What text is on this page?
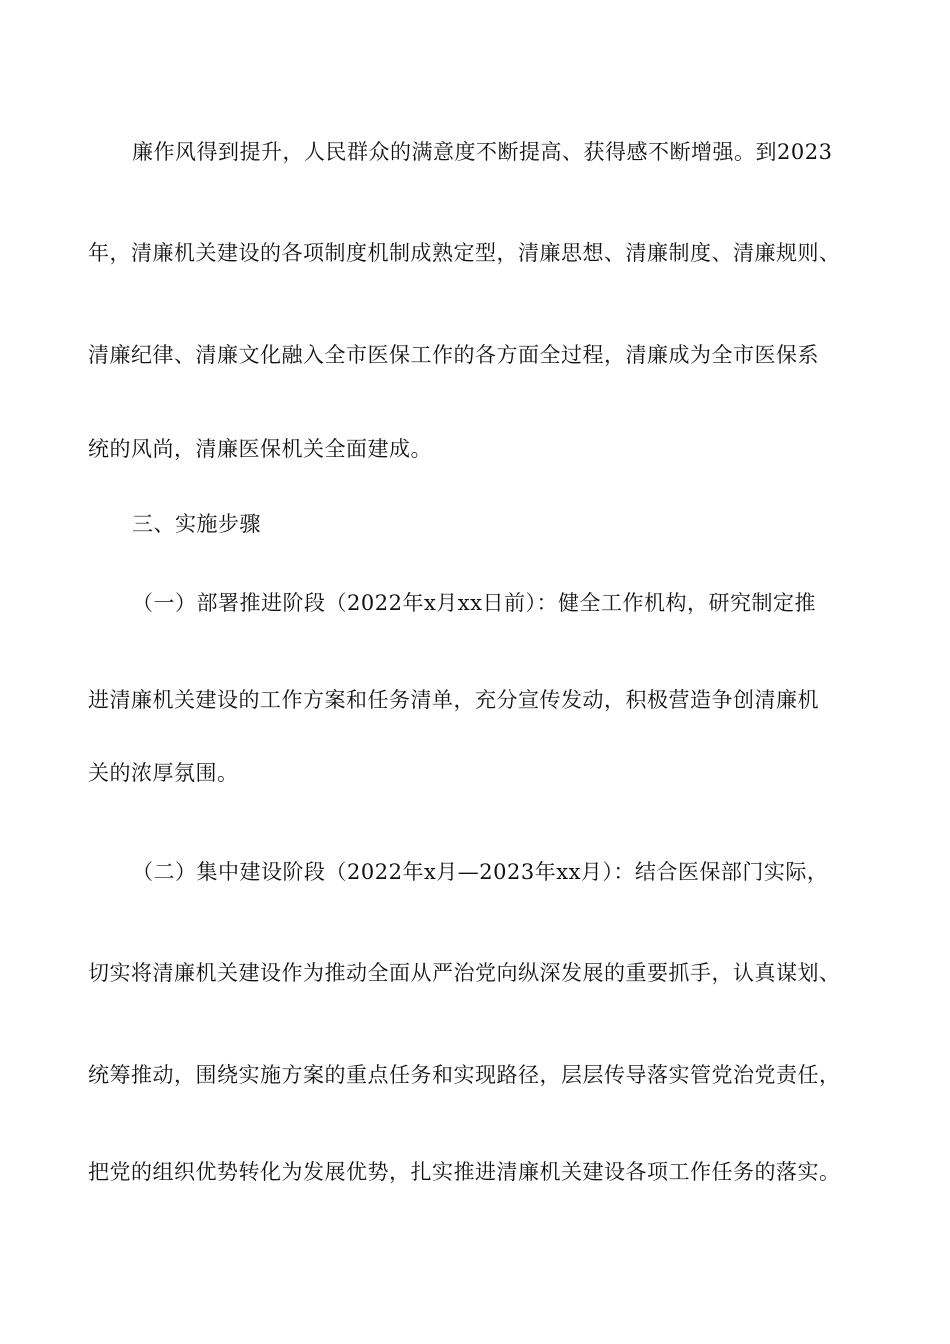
廉作风得到提升，人民群众的满意度不断提高、获得感不断增强。到2023
年，清廉机关建设的各项制度机制成熟定型，清廉思想、清廉制度、清廉规则、
清廉纪律、清廉文化融入全市医保工作的各方面全过程，清廉成为全市医保系
统的风尚，清廉医保机关全面建成。
三、实施步骤
（一）部署推进阶段（2022年x月xx日前）：健全工作机构，研究制定推
进清廉机关建设的工作方案和任务清单，充分宣传发动，积极营造争创清廉机
关的浓厚氛围。
（二）集中建设阶段（2022年x月—2023年xx月）：结合医保部门实际，
切实将清廉机关建设作为推动全面从严治党向纵深发展的重要抓手，认真谋划、
统筹推动，围绕实施方案的重点任务和实现路径，层层传导落实管党治党责任，
把党的组织优势转化为发展优势，扎实推进清廉机关建设各项工作任务的落实。
